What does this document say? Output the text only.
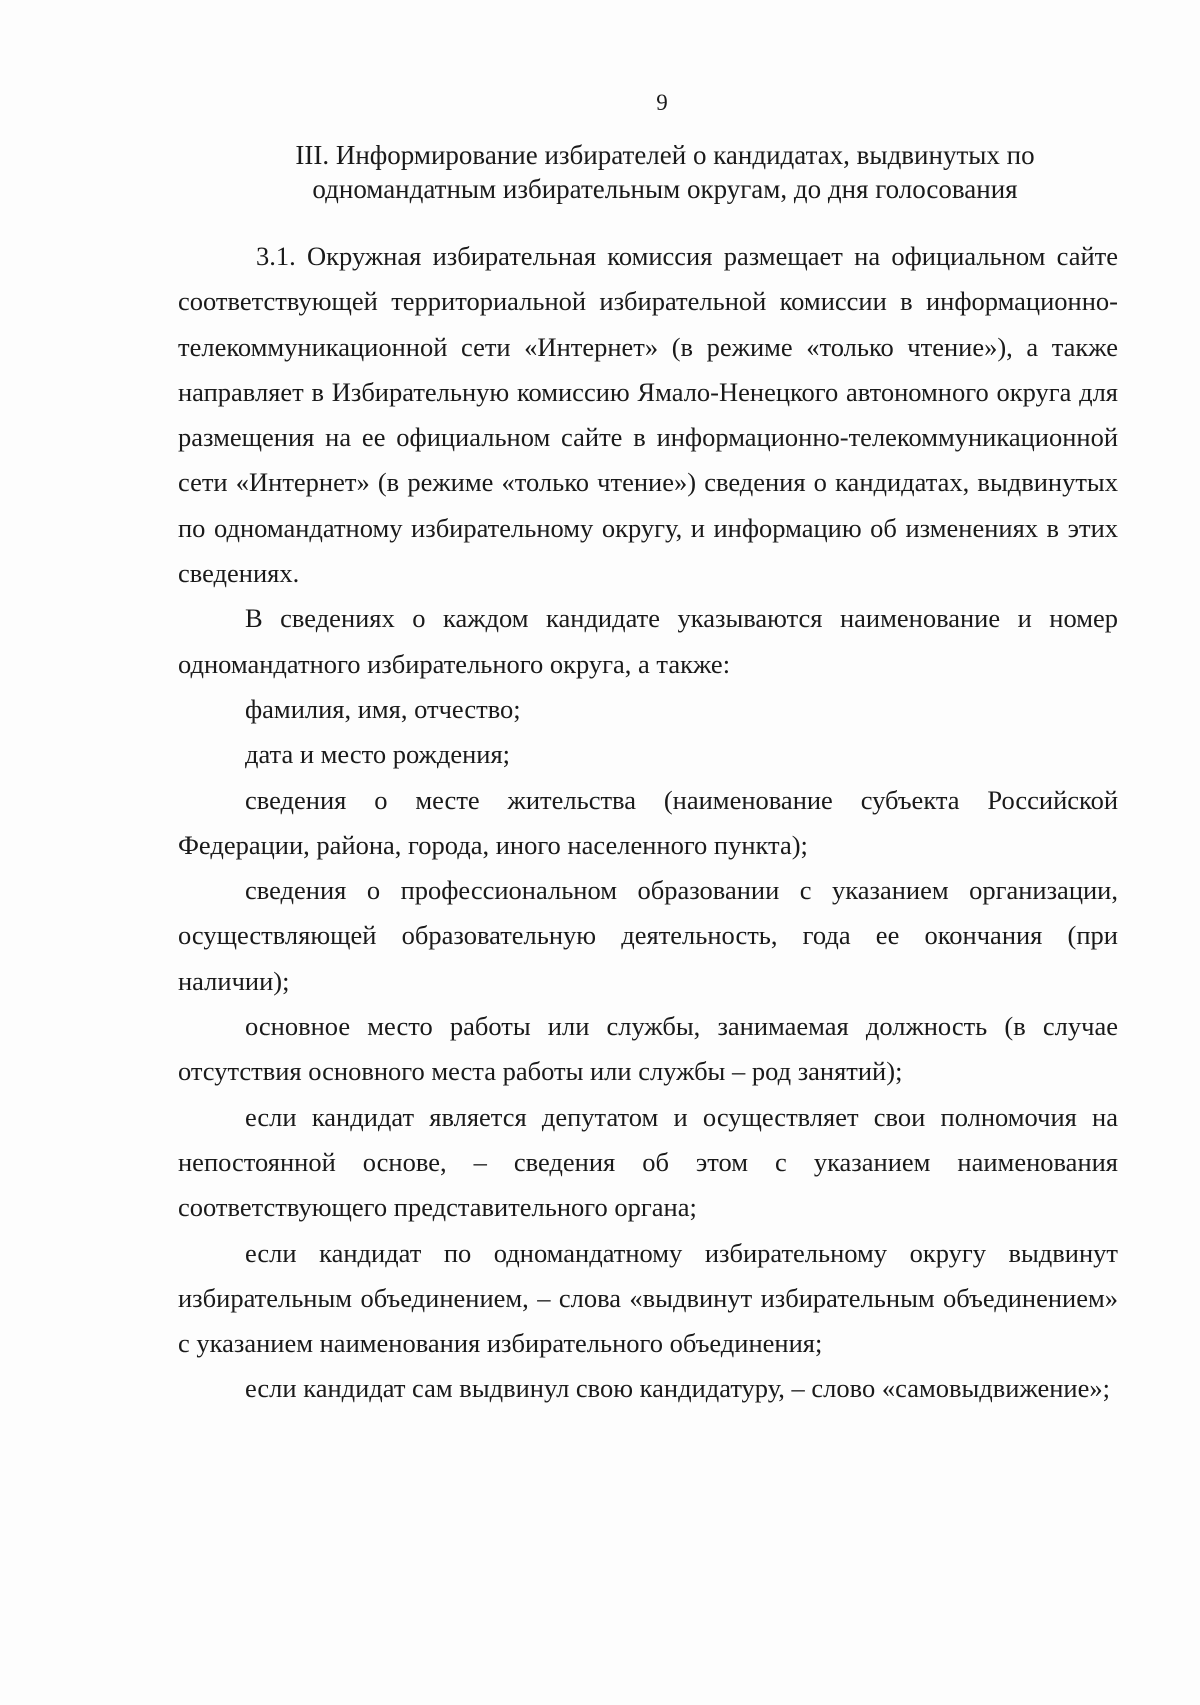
9
III. Информирование избирателей о кандидатах, выдвинутых по одномандатным избирательным округам, до дня голосования

3.1. Окружная избирательная комиссия размещает на официальном сайте соответствующей территориальной избирательной комиссии в информационно-телекоммуникационной сети «Интернет» (в режиме «только чтение»), а также направляет в Избирательную комиссию Ямало-Ненецкого автономного округа для размещения на ее официальном сайте в информационно-телекоммуникационной сети «Интернет» (в режиме «только чтение») сведения о кандидатах, выдвинутых по одномандатному избирательному округу, и информацию об изменениях в этих сведениях.

В сведениях о каждом кандидате указываются наименование и номер одномандатного избирательного округа, а также:

фамилия, имя, отчество;

дата и место рождения;

сведения о месте жительства (наименование субъекта Российской Федерации, района, города, иного населенного пункта);

сведения о профессиональном образовании с указанием организации, осуществляющей образовательную деятельность, года ее окончания (при наличии);

основное место работы или службы, занимаемая должность (в случае отсутствия основного места работы или службы – род занятий);

если кандидат является депутатом и осуществляет свои полномочия на непостоянной основе, – сведения об этом с указанием наименования соответствующего представительного органа;

если кандидат по одномандатному избирательному округу выдвинут избирательным объединением, – слова «выдвинут избирательным объединением» с указанием наименования избирательного объединения;

если кандидат сам выдвинул свою кандидатуру, – слово «самовыдвижение»;
